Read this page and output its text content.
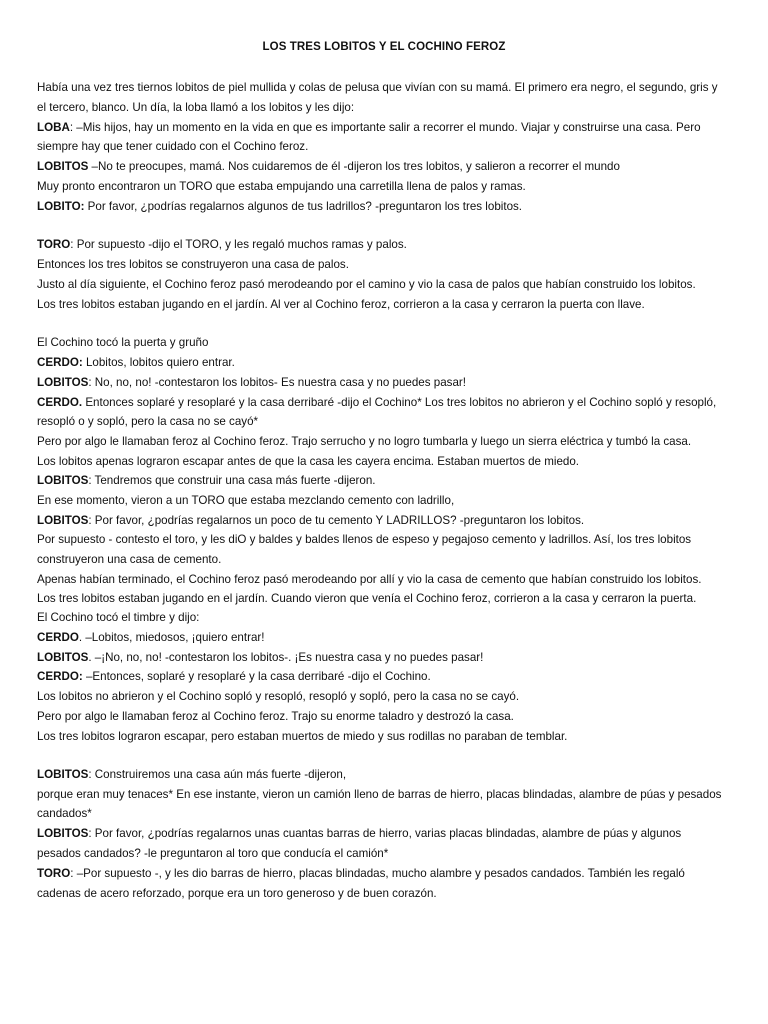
LOS TRES LOBITOS Y EL COCHINO FEROZ
Había una vez tres tiernos lobitos de piel mullida y colas de pelusa que vivían con su mamá. El primero era negro, el segundo, gris y
el tercero, blanco. Un día, la loba llamó a los lobitos y les dijo:
LOBA: –Mis hijos, hay un momento en la vida en que es importante salir a recorrer el mundo. Viajar y construirse una casa. Pero
siempre hay que tener cuidado con el Cochino feroz.
LOBITOS –No te preocupes, mamá. Nos cuidaremos de él -dijeron los tres lobitos, y salieron a recorrer el mundo
Muy pronto encontraron un TORO que estaba empujando una carretilla llena de palos y ramas.
LOBITO: Por favor, ¿podrías regalarnos algunos de tus ladrillos? -preguntaron los tres lobitos.
TORO: Por supuesto -dijo el TORO, y les regaló muchos ramas y palos.
Entonces los tres lobitos se construyeron una casa de palos.
Justo al día siguiente, el Cochino feroz pasó merodeando por el camino y vio la casa de palos que habían construido los lobitos.
Los tres lobitos estaban jugando en el jardín. Al ver al Cochino feroz, corrieron a la casa y cerraron la puerta con llave.
El Cochino tocó la puerta y gruño
CERDO: Lobitos, lobitos quiero entrar.
LOBITOS: No, no, no! -contestaron los lobitos- Es nuestra casa y no puedes pasar!
CERDO. Entonces soplaré y resoplaré y la casa derribaré -dijo el Cochino* Los tres lobitos no abrieron y el Cochino sopló y resopló,
resopló o y sopló, pero la casa no se cayó*
Pero por algo le llamaban feroz al Cochino feroz. Trajo serrucho y no logro tumbarla y luego un sierra eléctrica y tumbó la casa.
Los lobitos apenas lograron escapar antes de que la casa les cayera encima. Estaban muertos de miedo.
LOBITOS: Tendremos que construir una casa más fuerte -dijeron.
En ese momento, vieron a un TORO que estaba mezclando cemento con ladrillo,
LOBITOS: Por favor, ¿podrías regalarnos un poco de tu cemento Y LADRILLOS? -preguntaron los lobitos.
Por supuesto - contesto el toro, y les diO y baldes y baldes llenos de espeso y pegajoso cemento y ladrillos. Así, los tres lobitos
construyeron una casa de cemento.
Apenas habían terminado, el Cochino feroz pasó merodeando por allí y vio la casa de cemento que habían construido los lobitos.
Los tres lobitos estaban jugando en el jardín. Cuando vieron que venía el Cochino feroz, corrieron a la casa y cerraron la puerta.
El Cochino tocó el timbre y dijo:
CERDO. –Lobitos, miedosos, ¡quiero entrar!
LOBITOS. –¡No, no, no! -contestaron los lobitos-. ¡Es nuestra casa y no puedes pasar!
CERDO: –Entonces, soplaré y resoplaré y la casa derribaré -dijo el Cochino.
Los lobitos no abrieron y el Cochino sopló y resopló, resopló y sopló, pero la casa no se cayó.
Pero por algo le llamaban feroz al Cochino feroz. Trajo su enorme taladro y destrozó la casa.
Los tres lobitos lograron escapar, pero estaban muertos de miedo y sus rodillas no paraban de temblar.
LOBITOS: Construiremos una casa aún más fuerte -dijeron,
porque eran muy tenaces* En ese instante, vieron un camión lleno de barras de hierro, placas blindadas, alambre de púas y pesados
candados*
LOBITOS: Por favor, ¿podrías regalarnos unas cuantas barras de hierro, varias placas blindadas, alambre de púas y algunos
pesados candados? -le preguntaron al toro que conducía el camión*
TORO: –Por supuesto -, y les dio barras de hierro, placas blindadas, mucho alambre y pesados candados. También les regaló
cadenas de acero reforzado, porque era un toro generoso y de buen corazón.
